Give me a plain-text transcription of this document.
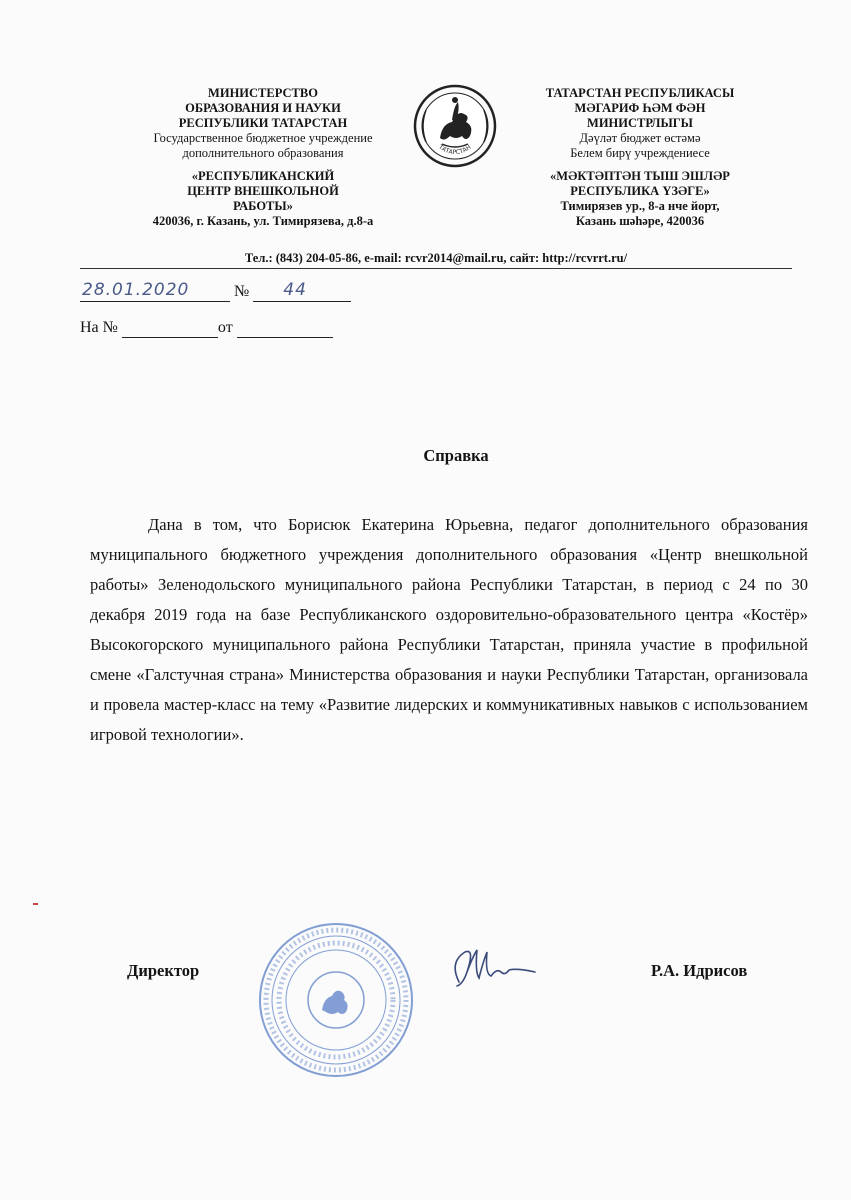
МИНИСТЕРСТВО ОБРАЗОВАНИЯ И НАУКИ РЕСПУБЛИКИ ТАТАРСТАН
Государственное бюджетное учреждение
дополнительного образования
«РЕСПУБЛИКАНСКИЙ ЦЕНТР ВНЕШКОЛЬНОЙ РАБОТЫ»
420036, г. Казань, ул. Тимирязева, д.8-а
ТАТАРСТАН
ТАТАРСТАН РЕСПУБЛИКАСЫ МӘГАРИФ ҺӘМ ФӘН МИНИСТРЛЫГЫ
Дәүләт бюджет өстәмә
Белем бирү учреждениесе
«МӘКТӘПТӘН ТЫШ ЭШЛӘР РЕСПУБЛИКА ҮЗӘГЕ»
Тимирязев ур., 8-а нче йорт,
Казань шәһәре, 420036
Тел.: (843) 204-05-86, e-mail: rcvr2014@mail.ru, сайт: http://rcvrrt.ru/
28.01.2020	№ 44
На №	от
Справка
Дана в том, что Борисюк Екатерина Юрьевна, педагог дополнительного образования муниципального бюджетного учреждения дополнительного образования «Центр внешкольной работы» Зеленодольского муниципального района Республики Татарстан, в период с 24 по 30 декабря 2019 года на базе Республиканского оздоровительно-образовательного центра «Костёр» Высокогорского муниципального района Республики Татарстан, приняла участие в профильной смене «Галстучная страна» Министерства образования и науки Республики Татарстан, организовала и провела мастер-класс на тему «Развитие лидерских и коммуникативных навыков с использованием игровой технологии».
Директор	Р.А. Идрисов
